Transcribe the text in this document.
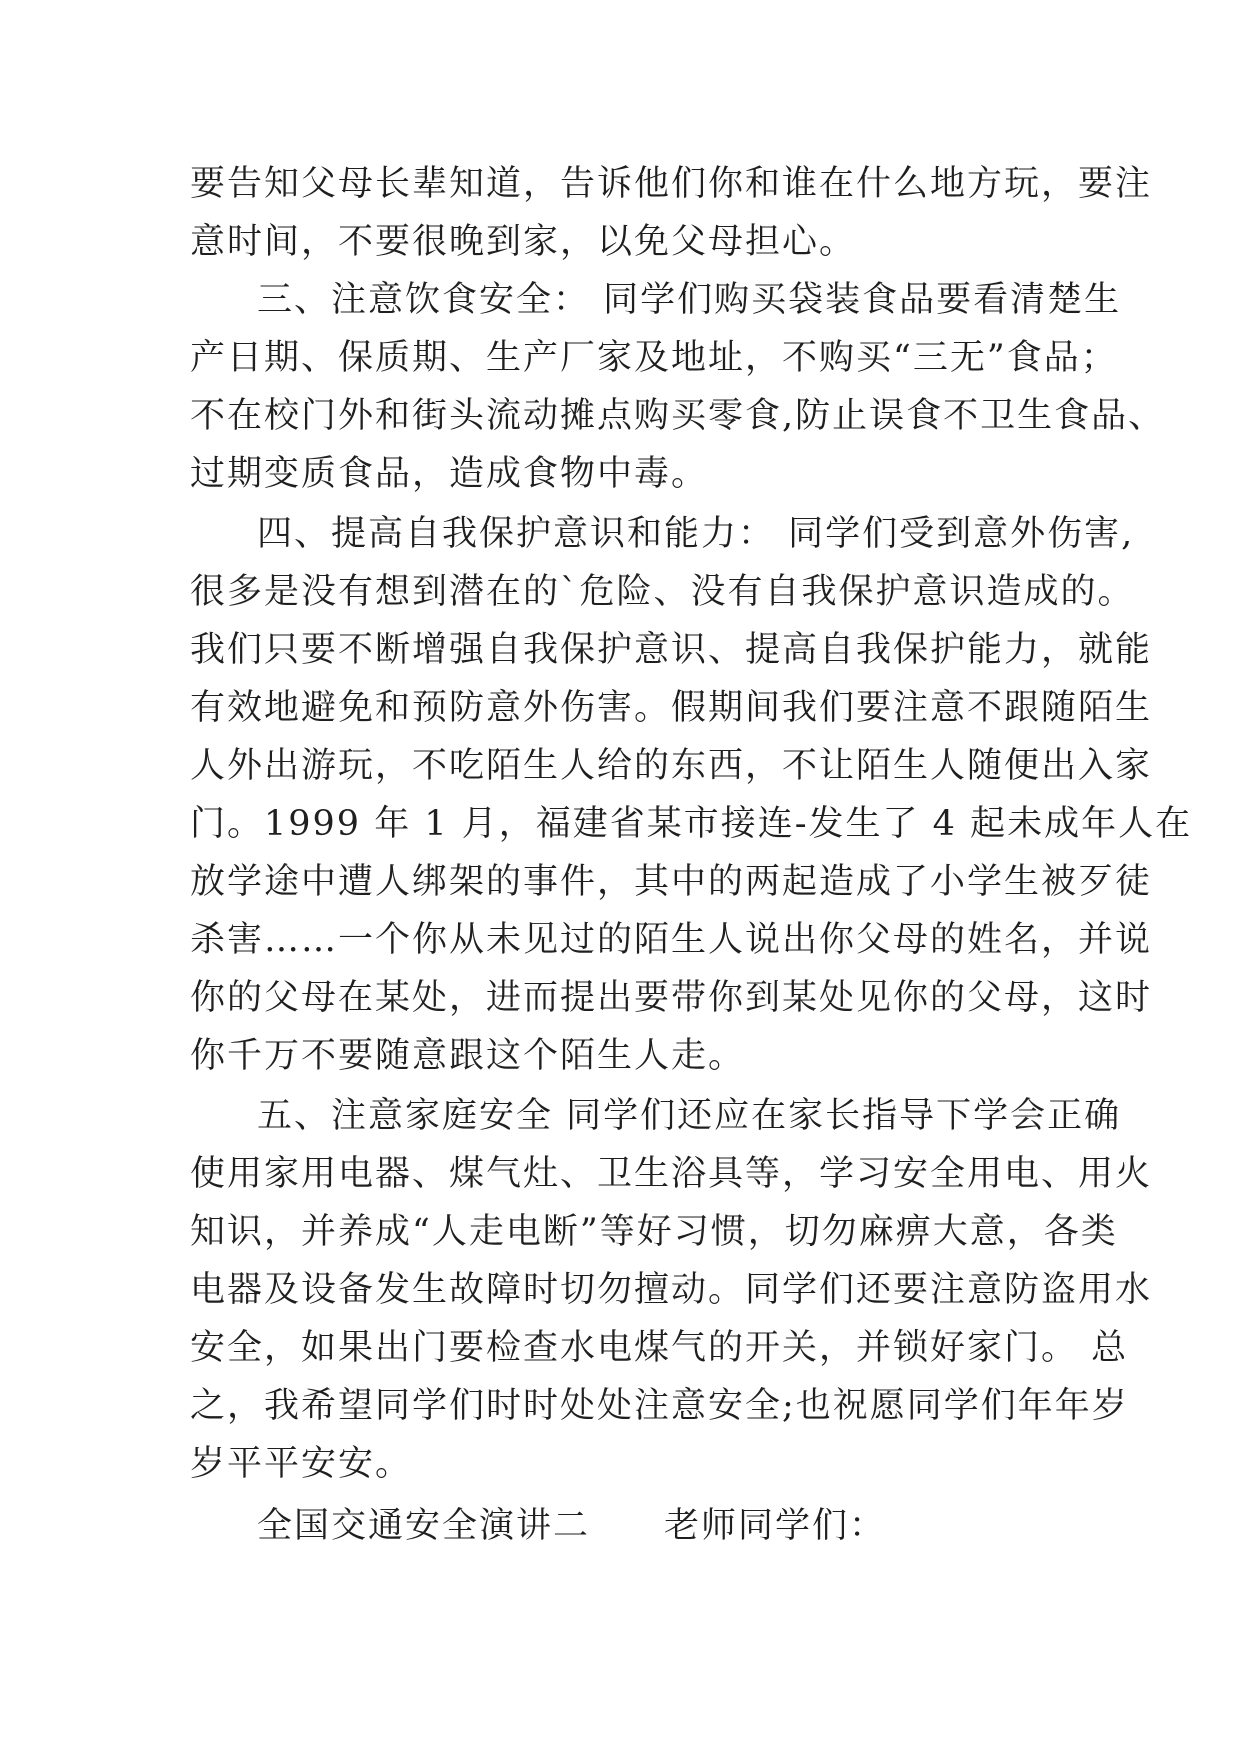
要告知父母长辈知道，告诉他们你和谁在什么地方玩，要注
意时间，不要很晚到家，以免父母担心。
三、注意饮食安全： 同学们购买袋装食品要看清楚生
产日期、保质期、生产厂家及地址，不购买“三无”食品；
不在校门外和街头流动摊点购买零食,防止误食不卫生食品、
过期变质食品，造成食物中毒。
四、提高自我保护意识和能力： 同学们受到意外伤害,
很多是没有想到潜在的`危险、没有自我保护意识造成的。
我们只要不断增强自我保护意识、提高自我保护能力，就能
有效地避免和预防意外伤害。假期间我们要注意不跟随陌生
人外出游玩，不吃陌生人给的东西，不让陌生人随便出入家
门。1999 年 1 月，福建省某市接连-发生了 4 起未成年人在
放学途中遭人绑架的事件，其中的两起造成了小学生被歹徒
杀害……一个你从未见过的陌生人说出你父母的姓名，并说
你的父母在某处，进而提出要带你到某处见你的父母，这时
你千万不要随意跟这个陌生人走。
五、注意家庭安全 同学们还应在家长指导下学会正确
使用家用电器、煤气灶、卫生浴具等，学习安全用电、用火
知识，并养成“人走电断”等好习惯，切勿麻痹大意，各类
电器及设备发生故障时切勿擅动。同学们还要注意防盗用水
安全，如果出门要检查水电煤气的开关，并锁好家门。 总
之，我希望同学们时时处处注意安全;也祝愿同学们年年岁
岁平平安安。
全国交通安全演讲二　　老师同学们：
